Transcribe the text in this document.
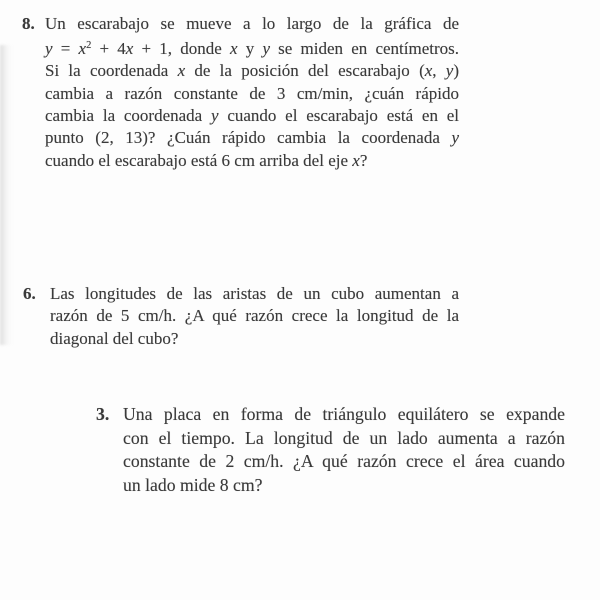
8. Un escarabajo se mueve a lo largo de la gráfica de
$y = x^2 + 4x + 1$, donde x y y se miden en centímetros.
Si la coordenada x de la posición del escarabajo (x, y)
cambia a razón constante de 3 cm/min, ¿cuán rápido
cambia la coordenada y cuando el escarabajo está en el
punto (2, 13)? ¿Cuán rápido cambia la coordenada y
cuando el escarabajo está 6 cm arriba del eje x?
6. Las longitudes de las aristas de un cubo aumentan a
razón de 5 cm/h. ¿A qué razón crece la longitud de la
diagonal del cubo?
3. Una placa en forma de triángulo equilátero se expande
con el tiempo. La longitud de un lado aumenta a razón
constante de 2 cm/h. ¿A qué razón crece el área cuando
un lado mide 8 cm?
